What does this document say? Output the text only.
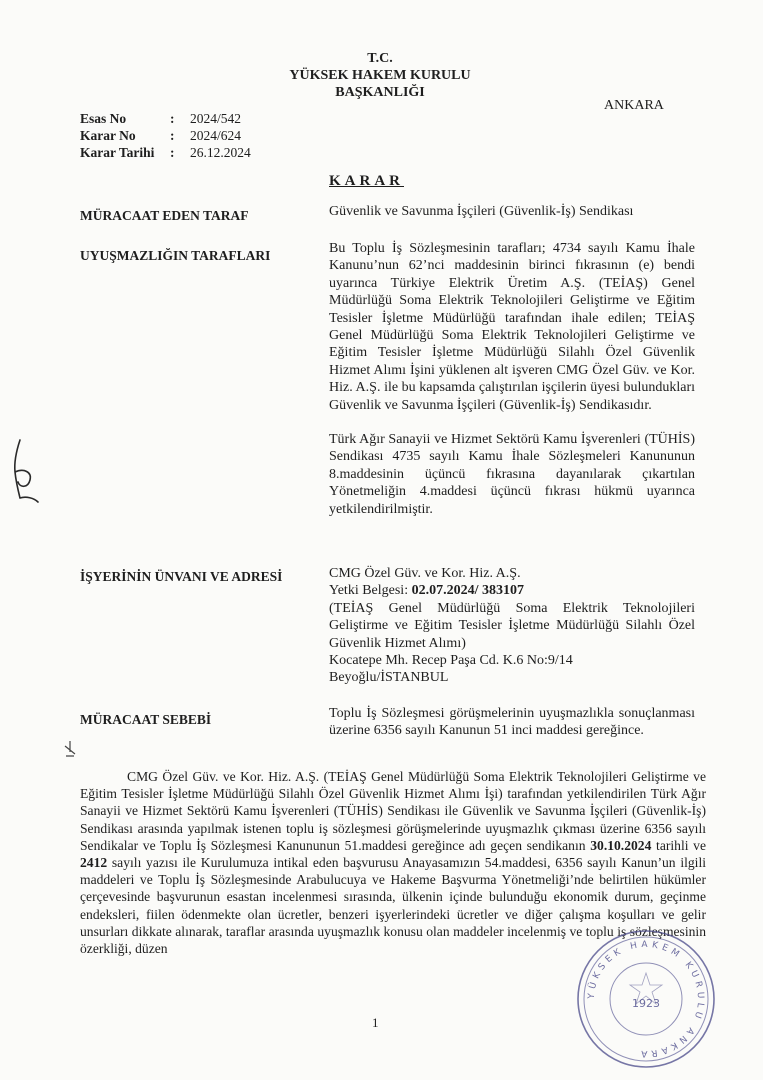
T.C.
YÜKSEK HAKEM KURULU
BAŞKANLIĞI
ANKARA
Esas No	:	2024/542
Karar No	:	2024/624
Karar Tarihi	:	26.12.2024
KARAR
MÜRACAAT EDEN TARAF	Güvenlik ve Savunma İşçileri (Güvenlik-İş) Sendikası
UYUŞMAZLIĞIN TARAFLARI	Bu Toplu İş Sözleşmesinin tarafları; 4734 sayılı Kamu İhale Kanunu’nun 62’nci maddesinin birinci fıkrasının (e) bendi uyarınca Türkiye Elektrik Üretim A.Ş. (TEİAŞ) Genel Müdürlüğü Soma Elektrik Teknolojileri Geliştirme ve Eğitim Tesisler İşletme Müdürlüğü tarafından ihale edilen; TEİAŞ Genel Müdürlüğü Soma Elektrik Teknolojileri Geliştirme ve Eğitim Tesisler İşletme Müdürlüğü Silahlı Özel Güvenlik Hizmet Alımı İşini yüklenen alt işveren CMG Özel Güv. ve Kor. Hiz. A.Ş. ile bu kapsamda çalıştırılan işçilerin üyesi bulundukları Güvenlik ve Savunma İşçileri (Güvenlik-İş) Sendikasıdır.

Türk Ağır Sanayii ve Hizmet Sektörü Kamu İşverenleri (TÜHİS) Sendikası 4735 sayılı Kamu İhale Sözleşmeleri Kanununun 8.maddesinin üçüncü fıkrasına dayanılarak çıkartılan Yönetmeliğin 4.maddesi üçüncü fıkrası hükmü uyarınca yetkilendirilmiştir.

İŞYERİNİN ÜNVANI VE ADRESİ	CMG Özel Güv. ve Kor. Hiz. A.Ş.

Yetki Belgesi: 02.07.2024/ 383107

(TEİAŞ Genel Müdürlüğü Soma Elektrik Teknolojileri Geliştirme ve Eğitim Tesisler İşletme Müdürlüğü Silahlı Özel Güvenlik Hizmet Alımı)

Kocatepe Mh. Recep Paşa Cd. K.6 No:9/14

Beyoğlu/İSTANBUL

MÜRACAAT SEBEBİ	Toplu İş Sözleşmesi görüşmelerinin uyuşmazlıkla sonuçlanması üzerine 6356 sayılı Kanunun 51 inci maddesi gereğince.

CMG Özel Güv. ve Kor. Hiz. A.Ş. (TEİAŞ Genel Müdürlüğü Soma Elektrik Teknolojileri Geliştirme ve Eğitim Tesisler İşletme Müdürlüğü Silahlı Özel Güvenlik Hizmet Alımı İşi) tarafından yetkilendirilen Türk Ağır Sanayii ve Hizmet Sektörü Kamu İşverenleri (TÜHİS) Sendikası ile Güvenlik ve Savunma İşçileri (Güvenlik-İş) Sendikası arasında yapılmak istenen toplu iş sözleşmesi görüşmelerinde uyuşmazlık çıkması üzerine 6356 sayılı Sendikalar ve Toplu İş Sözleşmesi Kanununun 51.maddesi gereğince adı geçen sendikanın 30.10.2024 tarihli ve 2412 sayılı yazısı ile Kurulumuza intikal eden başvurusu Anayasamızın 54.maddesi, 6356 sayılı Kanun’un ilgili maddeleri ve Toplu İş Sözleşmesinde Arabulucuya ve Hakeme Başvurma Yönetmeliği’nde belirtilen hükümler çerçevesinde başvurunun esastan incelenmesi sırasında, ülkenin içinde bulunduğu ekonomik durum, geçinme endeksleri, fiilen ödenmekte olan ücretler, benzeri işyerlerindeki ücretler ve diğer çalışma koşulları ve gelir unsurları dikkate alınarak, taraflar arasında uyuşmazlık konusu olan maddeler incelenmiş ve toplu iş sözleşmesinin özerkliği, düzen

1
YÜKSEK HAKEM KURULU ANKARA
1923
